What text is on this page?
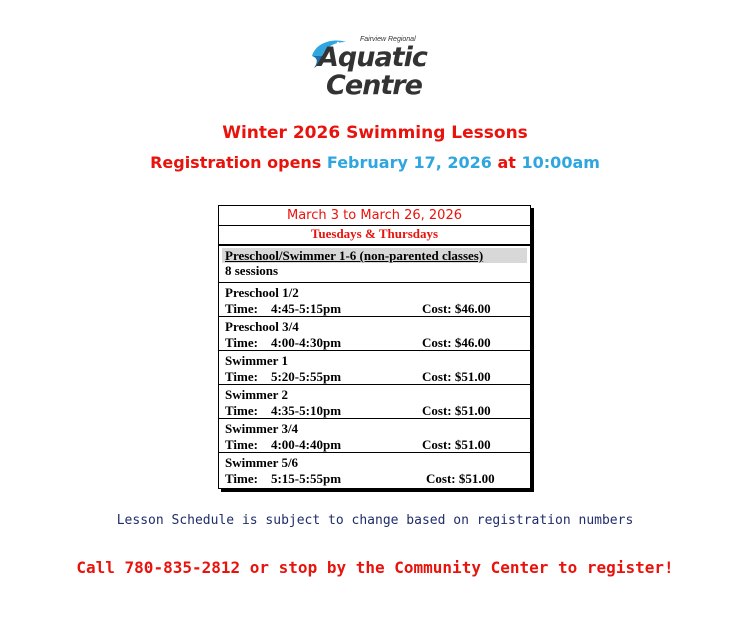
Fairview Regional
Aquatic
Centre
Winter 2026 Swimming Lessons
Registration opens February 17, 2026 at 10:00am
March 3 to March 26, 2026
Tuesdays & Thursdays
Preschool/Swimmer 1-6 (non-parented classes)
8 sessions
Preschool 1/2
Time:    4:45-5:15pm	Cost: $46.00
Preschool 3/4
Time:    4:00-4:30pm	Cost: $46.00
Swimmer 1
Time:    5:20-5:55pm	Cost: $51.00
Swimmer 2
Time:    4:35-5:10pm	Cost: $51.00
Swimmer 3/4
Time:    4:00-4:40pm	Cost: $51.00
Swimmer 5/6
Time:    5:15-5:55pm	Cost: $51.00
Lesson Schedule is subject to change based on registration numbers
Call 780-835-2812 or stop by the Community Center to register!
